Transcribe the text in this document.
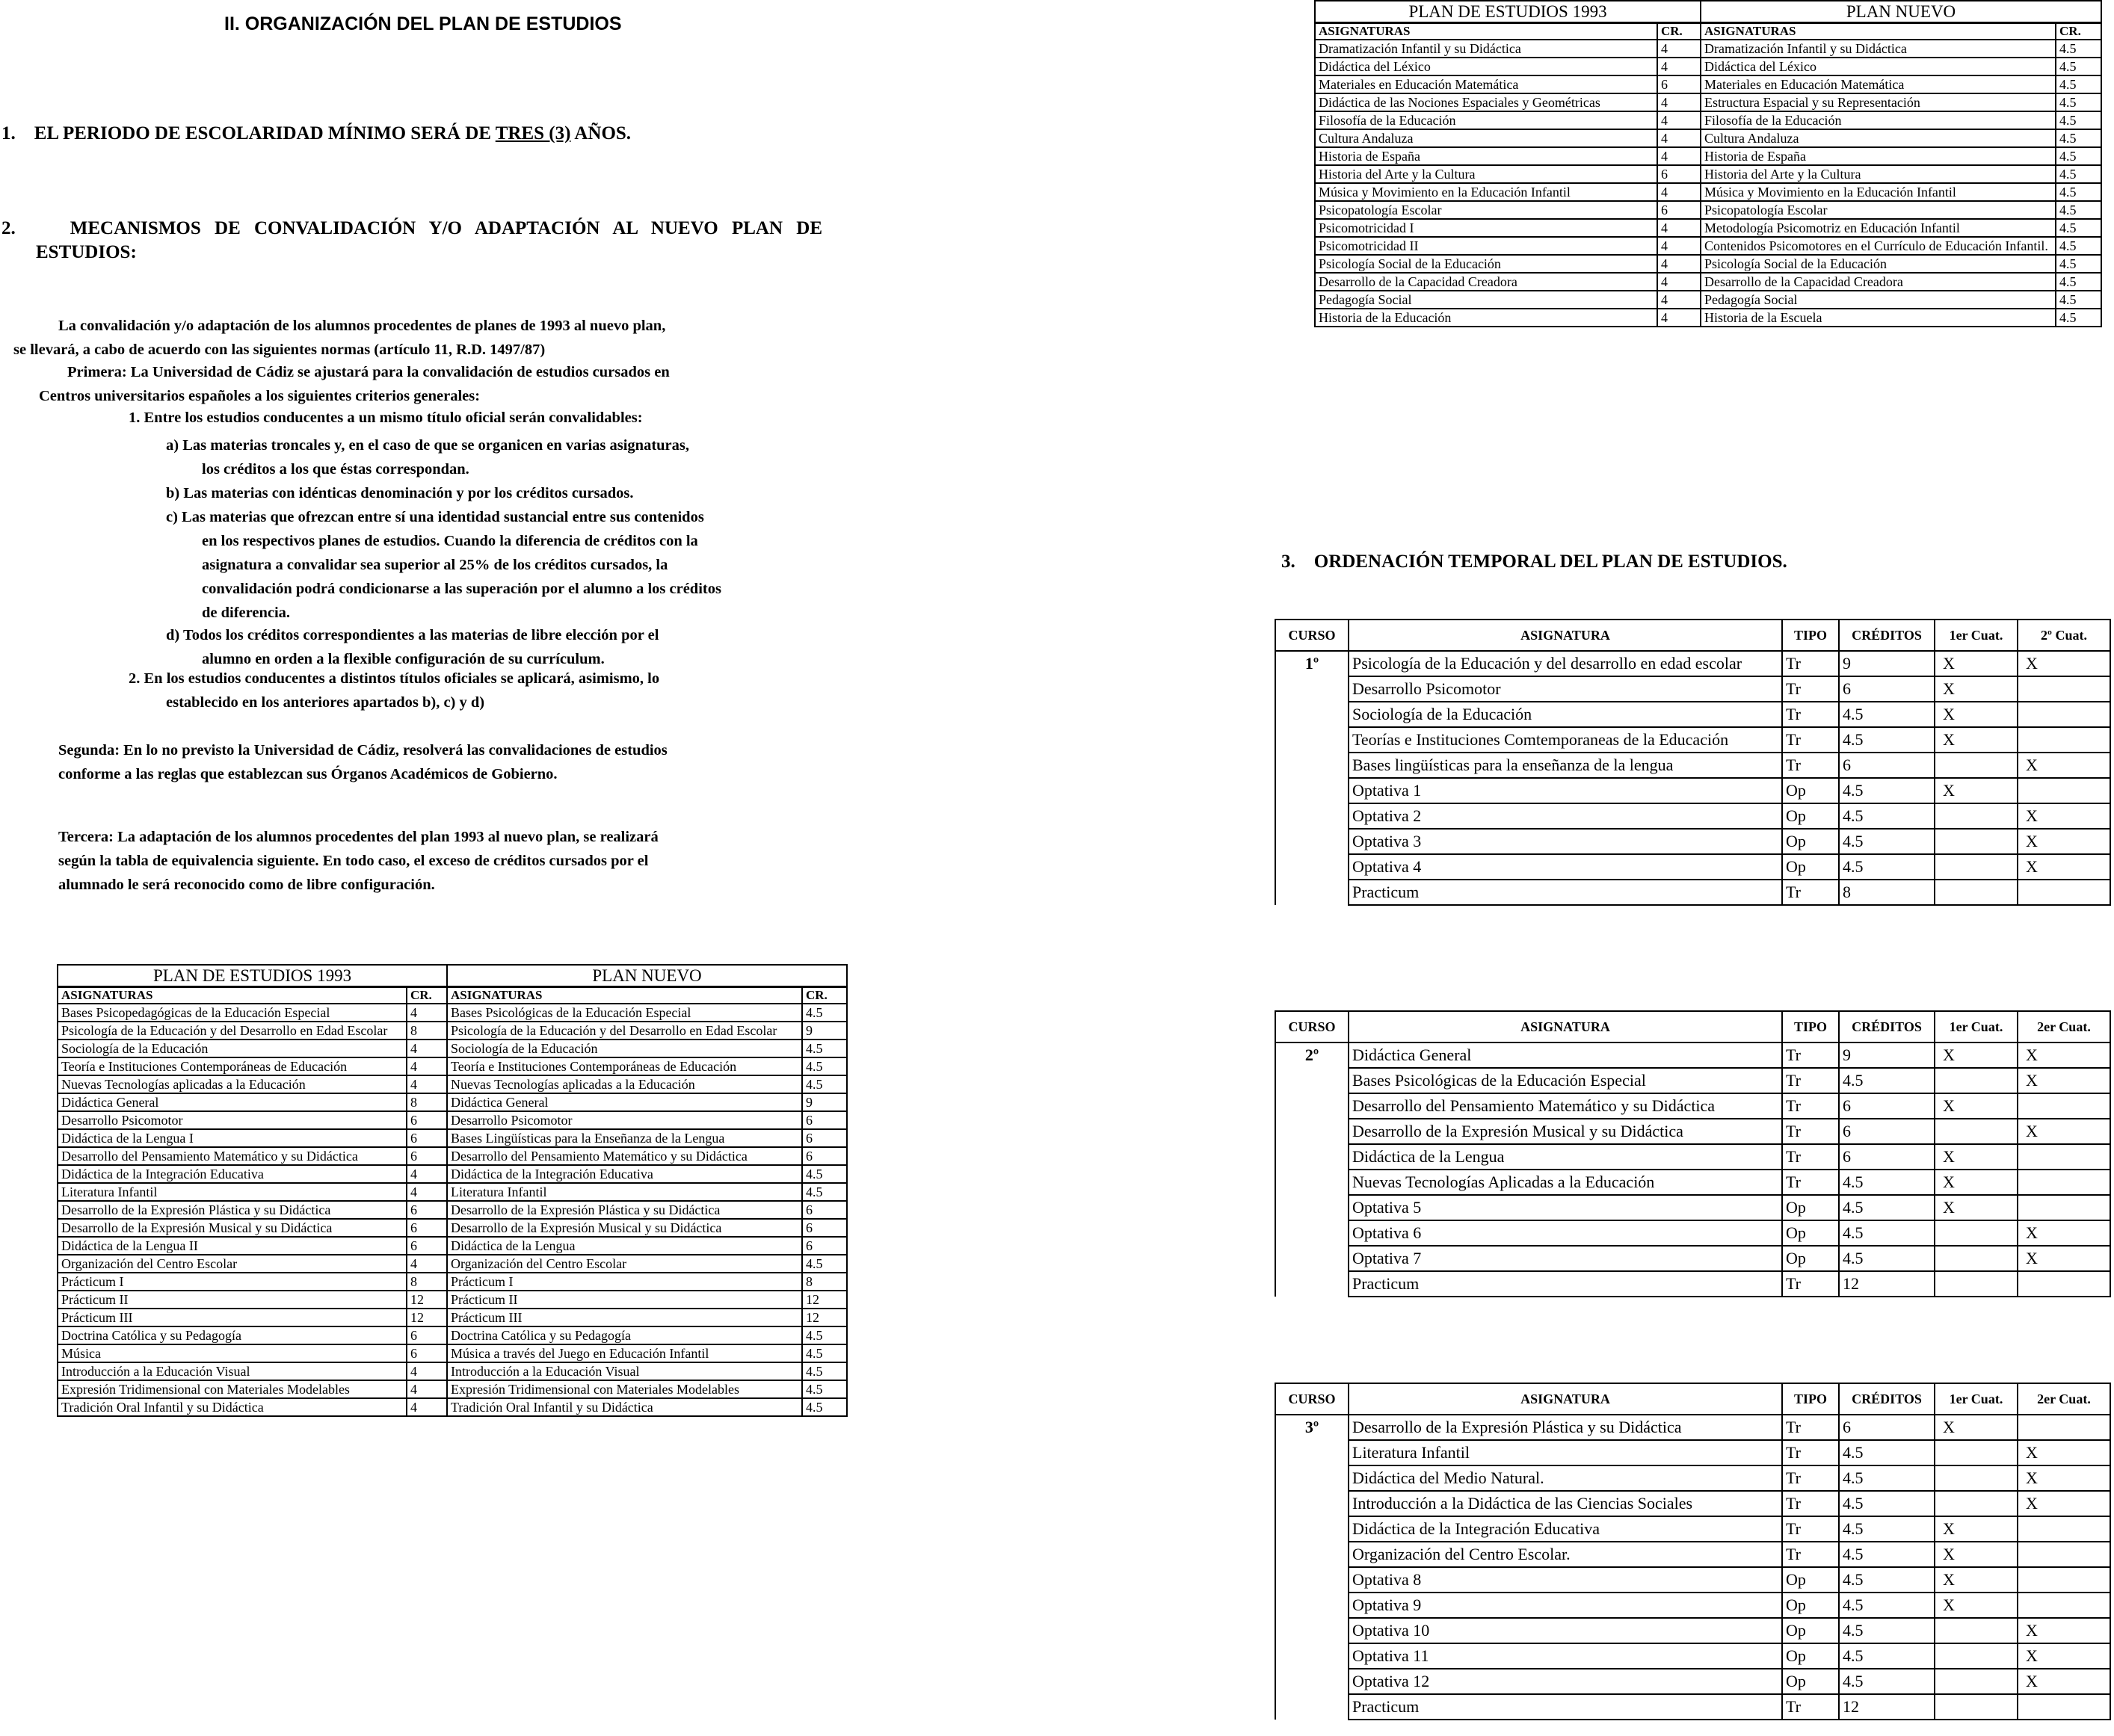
II. ORGANIZACIÓN DEL PLAN DE ESTUDIOS
1. EL PERIODO DE ESCOLARIDAD MÍNIMO SERÁ DE TRES (3) AÑOS.
2.	MECANISMOS DE CONVALIDACIÓN Y/O ADAPTACIÓN AL NUEVO PLAN DE
ESTUDIOS:
La convalidación y/o adaptación de los alumnos procedentes de planes de 1993 al nuevo plan,
se llevará, a cabo de acuerdo con las siguientes normas (artículo 11, R.D. 1497/87)
Primera: La Universidad de Cádiz se ajustará para la convalidación de estudios cursados en
Centros universitarios españoles a los siguientes criterios generales:
1. Entre los estudios conducentes a un mismo título oficial serán convalidables:
a) Las materias troncales y, en el caso de que se organicen en varias asignaturas,
los créditos a los que éstas correspondan.
b) Las materias con idénticas denominación y por los créditos cursados.
c) Las materias que ofrezcan entre sí una identidad sustancial entre sus contenidos
en los respectivos planes de estudios. Cuando la diferencia de créditos con la
asignatura a convalidar sea superior al 25% de los créditos cursados, la
convalidación podrá condicionarse a las superación por el alumno a los créditos
de diferencia.
d) Todos los créditos correspondientes a las materias de libre elección por el
alumno en orden a la flexible configuración de su currículum.
2. En los estudios conducentes a distintos títulos oficiales se aplicará, asimismo, lo
establecido en los anteriores apartados b), c) y d)
Segunda: En lo no previsto la Universidad de Cádiz, resolverá las convalidaciones de estudios
conforme a las reglas que establezcan sus Órganos Académicos de Gobierno.
Tercera: La adaptación de los alumnos procedentes del plan 1993 al nuevo plan, se realizará
según la tabla de equivalencia siguiente. En todo caso, el exceso de créditos cursados por el
alumnado le será reconocido como de libre configuración.
PLAN DE ESTUDIOS 1993		PLAN NUEVO	
ASIGNATURAS	CR.	ASIGNATURAS	CR.
Bases Psicopedagógicas de la Educación Especial	4	Bases Psicológicas de la Educación Especial	4.5
Psicología de la Educación y del Desarrollo en Edad Escolar	8	Psicología de la Educación y del Desarrollo en Edad Escolar	9
Sociología de la Educación	4	Sociología de la Educación	4.5
Teoría e Instituciones Contemporáneas de Educación	4	Teoría e Instituciones Contemporáneas de Educación	4.5
Nuevas Tecnologías aplicadas a la Educación	4	Nuevas Tecnologías aplicadas a la Educación	4.5
Didáctica General	8	Didáctica General	9
Desarrollo Psicomotor	6	Desarrollo Psicomotor	6
Didáctica de la Lengua I	6	Bases Lingüísticas para la Enseñanza de la Lengua	6
Desarrollo del Pensamiento Matemático y su Didáctica	6	Desarrollo del Pensamiento Matemático y su Didáctica	6
Didáctica de la Integración Educativa	4	Didáctica de la Integración Educativa	4.5
Literatura Infantil	4	Literatura Infantil	4.5
Desarrollo de la Expresión Plástica y su Didáctica	6	Desarrollo de la Expresión Plástica y su Didáctica	6
Desarrollo de la Expresión Musical y su Didáctica	6	Desarrollo de la Expresión Musical y su Didáctica	6
Didáctica de la Lengua II	6	Didáctica de la Lengua	6
Organización del Centro Escolar	4	Organización del Centro Escolar	4.5
Prácticum I	8	Prácticum I	8
Prácticum II	12	Prácticum II	12
Prácticum III	12	Prácticum III	12
Doctrina Católica y su Pedagogía	6	Doctrina Católica y su Pedagogía	4.5
Música	6	Música a través del Juego en Educación Infantil	4.5
Introducción a la Educación Visual	4	Introducción a la Educación Visual	4.5
Expresión Tridimensional con Materiales Modelables	4	Expresión Tridimensional con Materiales Modelables	4.5
Tradición Oral Infantil y su Didáctica	4	Tradición Oral Infantil y su Didáctica	4.5
PLAN DE ESTUDIOS 1993		PLAN NUEVO	
ASIGNATURAS	CR.	ASIGNATURAS	CR.
Dramatización Infantil y su Didáctica	4	Dramatización Infantil y su Didáctica	4.5
Didáctica del Léxico	4	Didáctica del Léxico	4.5
Materiales en Educación Matemática	6	Materiales en Educación Matemática	4.5
Didáctica de las Nociones Espaciales y Geométricas	4	Estructura Espacial y su Representación	4.5
Filosofía de la Educación	4	Filosofía de la Educación	4.5
Cultura Andaluza	4	Cultura Andaluza	4.5
Historia de España	4	Historia de España	4.5
Historia del Arte y la Cultura	6	Historia del Arte y la Cultura	4.5
Música y Movimiento en la Educación Infantil	4	Música y Movimiento en la Educación Infantil	4.5
Psicopatología Escolar	6	Psicopatología Escolar	4.5
Psicomotricidad I	4	Metodología Psicomotriz en Educación Infantil	4.5
Psicomotricidad II	4	Contenidos Psicomotores en el Currículo de Educación Infantil.	4.5
Psicología Social de la Educación	4	Psicología Social de la Educación	4.5
Desarrollo de la Capacidad Creadora	4	Desarrollo de la Capacidad Creadora	4.5
Pedagogía Social	4	Pedagogía Social	4.5
Historia de la Educación	4	Historia de la Escuela	4.5
3. ORDENACIÓN TEMPORAL DEL PLAN DE ESTUDIOS.
CURSO	ASIGNATURA	TIPO	CRÉDITOS	1er Cuat.	2º Cuat.
1º	Psicología de la Educación y del desarrollo en edad escolar	Tr	9	X	X
	Desarrollo Psicomotor	Tr	6	X	
	Sociología de la Educación	Tr	4.5	X	
	Teorías e Instituciones Comtemporaneas de la Educación	Tr	4.5	X	
	Bases lingüísticas para la enseñanza de la lengua	Tr	6		X
	Optativa 1	Op	4.5	X	
	Optativa 2	Op	4.5		X
	Optativa 3	Op	4.5		X
	Optativa 4	Op	4.5		X
	Practicum	Tr	8		
CURSO	ASIGNATURA	TIPO	CRÉDITOS	1er Cuat.	2er Cuat.
2º	Didáctica General	Tr	9	X	X
	Bases Psicológicas de la Educación Especial	Tr	4.5		X
	Desarrollo del Pensamiento Matemático y su Didáctica	Tr	6	X	
	Desarrollo de la Expresión Musical y su Didáctica	Tr	6		X
	Didáctica de la Lengua	Tr	6	X	
	Nuevas Tecnologías Aplicadas a la Educación	Tr	4.5	X	
	Optativa 5	Op	4.5	X	
	Optativa 6	Op	4.5		X
	Optativa 7	Op	4.5		X
	Practicum	Tr	12		
CURSO	ASIGNATURA	TIPO	CRÉDITOS	1er Cuat.	2er Cuat.
3º	Desarrollo de la Expresión Plástica y su Didáctica	Tr	6	X	
	Literatura Infantil	Tr	4.5		X
	Didáctica del Medio Natural.	Tr	4.5		X
	Introducción a la Didáctica de las Ciencias Sociales	Tr	4.5		X
	Didáctica de la Integración Educativa	Tr	4.5	X	
	Organización del Centro Escolar.	Tr	4.5	X	
	Optativa 8	Op	4.5	X	
	Optativa 9	Op	4.5	X	
	Optativa 10	Op	4.5		X
	Optativa 11	Op	4.5		X
	Optativa 12	Op	4.5		X
	Practicum	Tr	12		
